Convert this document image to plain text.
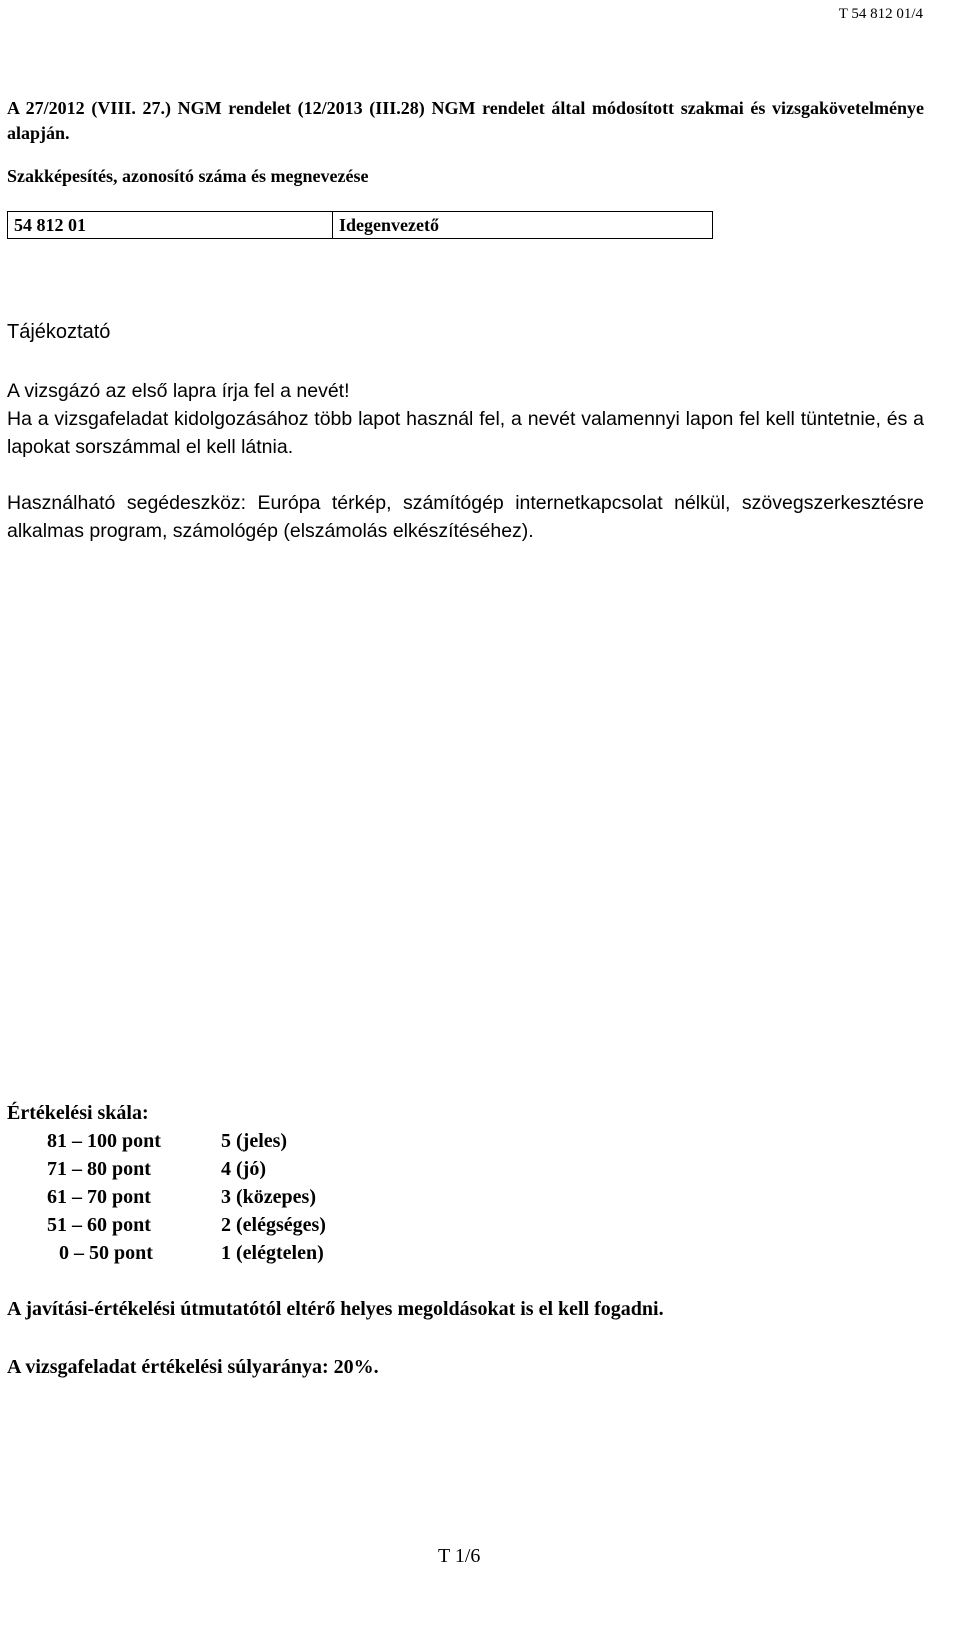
T 54 812 01/4
A 27/2012 (VIII. 27.) NGM rendelet (12/2013 (III.28) NGM rendelet által módosított szakmai és vizsgakövetelménye alapján.
Szakképesítés, azonosító száma és megnevezése
54 812 01	Idegenvezető
Tájékoztató
A vizsgázó az első lapra írja fel a nevét!
Ha a vizsgafeladat kidolgozásához több lapot használ fel, a nevét valamennyi lapon fel kell tüntetnie, és a lapokat sorszámmal el kell látnia.
Használható segédeszköz: Európa térkép, számítógép internetkapcsolat nélkül, szövegszerkesztésre alkalmas program, számológép (elszámolás elkészítéséhez).
Értékelési skála:
81 – 100 pont	5 (jeles)
71 – 80 pont	4 (jó)
61 – 70 pont	3 (közepes)
51 – 60 pont	2 (elégséges)
0 – 50 pont	1 (elégtelen)
A javítási-értékelési útmutatótól eltérő helyes megoldásokat is el kell fogadni.
A vizsgafeladat értékelési súlyaránya: 20%.
T 1/6
